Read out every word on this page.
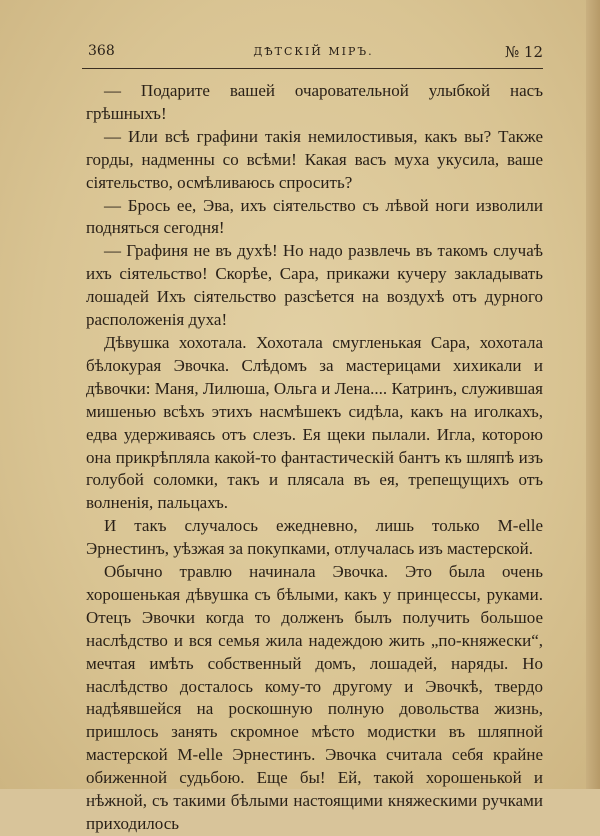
368	ДѢТСКІЙ МІРЪ.	№ 12

— Подарите вашей очаровательной улыбкой насъ грѣшныхъ!

— Или всѣ графини такія немилостивыя, какъ вы? Также горды, надменны со всѣми! Какая васъ муха укусила, ваше сіятельство, осмѣливаюсь спросить?

— Брось ее, Эва, ихъ сіятельство съ лѣвой ноги изволили подняться сегодня!

— Графиня не въ духѣ! Но надо развлечь въ такомъ случаѣ ихъ сіятельство! Скорѣе, Сара, прикажи кучеру закладывать лошадей Ихъ сіятельство разсѣется на воздухѣ отъ дурного расположенія духа!

Дѣвушка хохотала. Хохотала смугленькая Сара, хохотала бѣлокурая Эвочка. Слѣдомъ за мастерицами хихикали и дѣвочки: Маня, Лилюша, Ольга и Лена.... Катринъ, служившая мишенью всѣхъ этихъ насмѣшекъ сидѣла, какъ на иголкахъ, едва удерживаясь отъ слезъ. Ея щеки пылали. Игла, которою она прикрѣпляла какой-то фантастическій бантъ къ шляпѣ изъ голубой соломки, такъ и плясала въ ея, трепещущихъ отъ волненія, пальцахъ.

И такъ случалось ежедневно, лишь только M-elle Эрнестинъ, уѣзжая за покупками, отлучалась изъ мастерской.

Обычно травлю начинала Эвочка. Это была очень хорошенькая дѣвушка съ бѣлыми, какъ у принцессы, руками. Отецъ Эвочки когда то долженъ былъ получить большое наслѣдство и вся семья жила надеждою жить „по-княжески“, мечтая имѣть собственный домъ, лошадей, наряды. Но наслѣдство досталось кому-то другому и Эвочкѣ, твердо надѣявшейся на роскошную полную довольства жизнь, пришлось занять скромное мѣсто модистки въ шляпной мастерской M-elle Эрнестинъ. Эвочка считала себя крайне обиженной судьбою. Еще бы! Ей, такой хорошенькой и нѣжной, съ такими бѣлыми настоящими княжескими ручками приходилось
